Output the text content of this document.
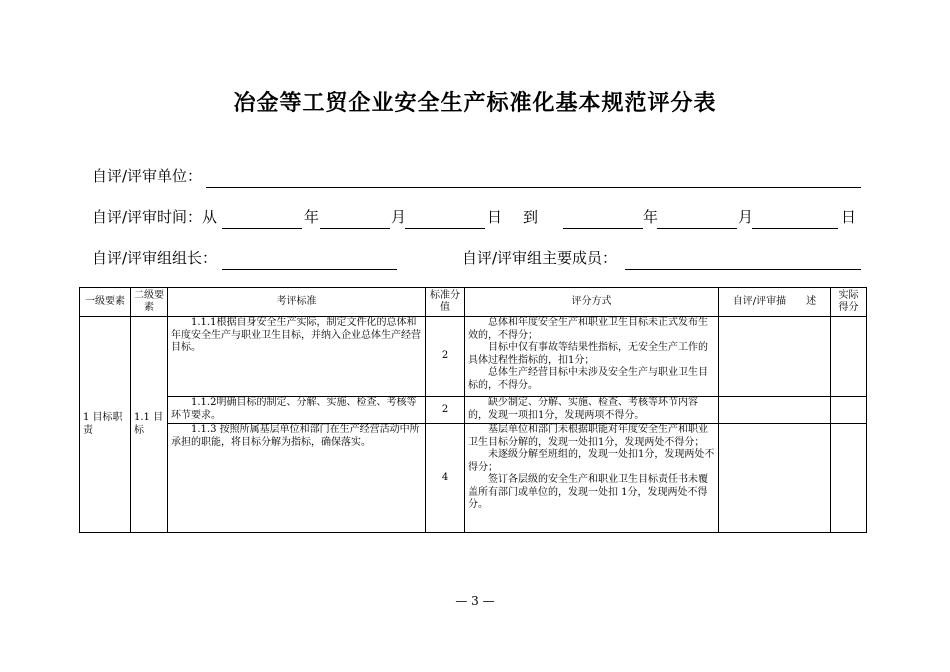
冶金等工贸企业安全生产标准化基本规范评分表
自评/评审单位：
自评/评审时间：从	年	月	日 到	年	月	日
自评/评审组组长：	自评/评审组主要成员：
一级要素	二级要素	考评标准	标准分值	评分方式	自评/评审描　　述	实际得分
1 目标职责	1.1 目标	1.1.1根据自身安全生产实际，制定文件化的总体和年度安全生产与职业卫生目标，并纳入企业总体生产经营目标。	2	总体和年度安全生产和职业卫生目标未正式发布生效的，不得分；
目标中仅有事故等结果性指标，无安全生产工作的具体过程性指标的，扣1分；
总体生产经营目标中未涉及安全生产与职业卫生目标的，不得分。		

		1.1.2明确目标的制定、分解、实施、检查、考核等环节要求。	2	缺少制定、分解、实施、检查、考核等环节内容的，发现一项扣1分，发现两项不得分。		

		1.1.3 按照所属基层单位和部门在生产经营活动中所承担的职能，将目标分解为指标，确保落实。	4	基层单位和部门未根据职能对年度安全生产和职业卫生目标分解的，发现一处扣1分，发现两处不得分；
未逐级分解至班组的，发现一处扣1分，发现两处不得分；
签订各层级的安全生产和职业卫生目标责任书未覆盖所有部门或单位的，发现一处扣 1分，发现两处不得分。		

— 3 —
